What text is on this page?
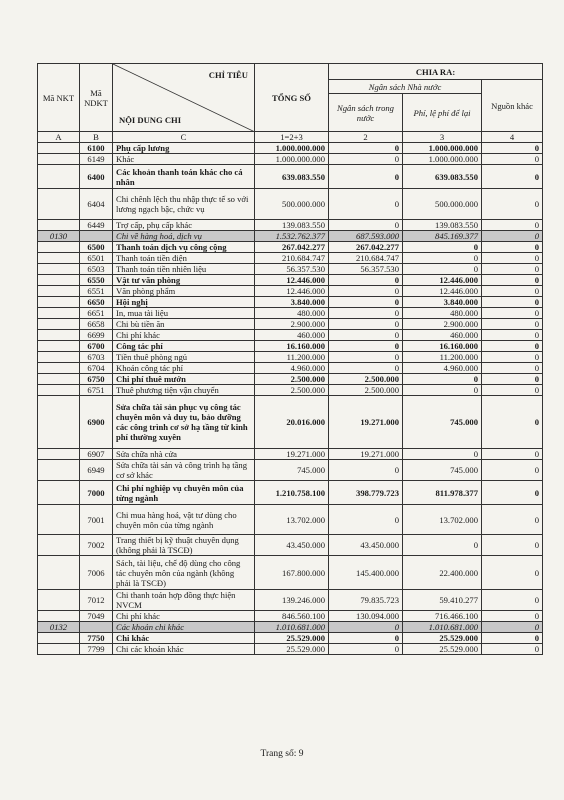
Mã NKT	Mã NDKT	CHỈ TIÊU
NỘI DUNG CHI	TỔNG SỐ	CHIA RA:		
				Ngân sách Nhà nước		Nguồn khác
				Ngân sách trong nước	Phí, lệ phí để lại	
A	B	C	1=2+3	2	3	4
	6100	Phụ cấp lương	1.000.000.000	0	1.000.000.000	0
	6149	Khác	1.000.000.000	0	1.000.000.000	0
	6400	Các khoản thanh toán khác cho cá nhân	639.083.550	0	639.083.550	0
	6404	Chi chênh lệch thu nhập thực tế so với lương ngạch bậc, chức vụ	500.000.000	0	500.000.000	0
	6449	Trợ cấp, phụ cấp khác	139.083.550	0	139.083.550	0
0130		Chi về hàng hoá, dịch vụ	1.532.762.377	687.593.000	845.169.377	0
	6500	Thanh toán dịch vụ công cộng	267.042.277	267.042.277	0	0
	6501	Thanh toán tiền điện	210.684.747	210.684.747	0	0
	6503	Thanh toán tiền nhiên liệu	56.357.530	56.357.530	0	0
	6550	Vật tư văn phòng	12.446.000	0	12.446.000	0
	6551	Văn phòng phẩm	12.446.000	0	12.446.000	0
	6650	Hội nghị	3.840.000	0	3.840.000	0
	6651	In, mua tài liệu	480.000	0	480.000	0
	6658	Chi bù tiền ăn	2.900.000	0	2.900.000	0
	6699	Chi phí khác	460.000	0	460.000	0
	6700	Công tác phí	16.160.000	0	16.160.000	0
	6703	Tiền thuê phòng ngủ	11.200.000	0	11.200.000	0
	6704	Khoán công tác phí	4.960.000	0	4.960.000	0
	6750	Chi phí thuê mướn	2.500.000	2.500.000	0	0
	6751	Thuê phương tiện vận chuyển	2.500.000	2.500.000	0	0
	6900	Sửa chữa tài sản phục vụ công tác chuyên môn và duy tu, bảo dưỡng các công trình cơ sở hạ tầng từ kinh phí thường xuyên	20.016.000	19.271.000	745.000	0
	6907	Sửa chữa nhà cửa	19.271.000	19.271.000	0	0
	6949	Sửa chữa tài sản và công trình hạ tầng cơ sở khác	745.000	0	745.000	0
	7000	Chi phí nghiệp vụ chuyên môn của từng ngành	1.210.758.100	398.779.723	811.978.377	0
	7001	Chi mua hàng hoá, vật tư dùng cho chuyên môn của từng ngành	13.702.000	0	13.702.000	0
	7002	Trang thiết bị kỹ thuật chuyên dụng (không phải là TSCĐ)	43.450.000	43.450.000	0	0
	7006	Sách, tài liệu, chế độ dùng cho công tác chuyên môn của ngành (không phải là TSCĐ)	167.800.000	145.400.000	22.400.000	0
	7012	Chi thanh toán hợp đồng thực hiện NVCM	139.246.000	79.835.723	59.410.277	0
	7049	Chi phí khác	846.560.100	130.094.000	716.466.100	0
0132		Các khoản chi khác	1.010.681.000	0	1.010.681.000	0
	7750	Chi khác	25.529.000	0	25.529.000	0
	7799	Chi các khoản khác	25.529.000	0	25.529.000	0
Trang số: 9
